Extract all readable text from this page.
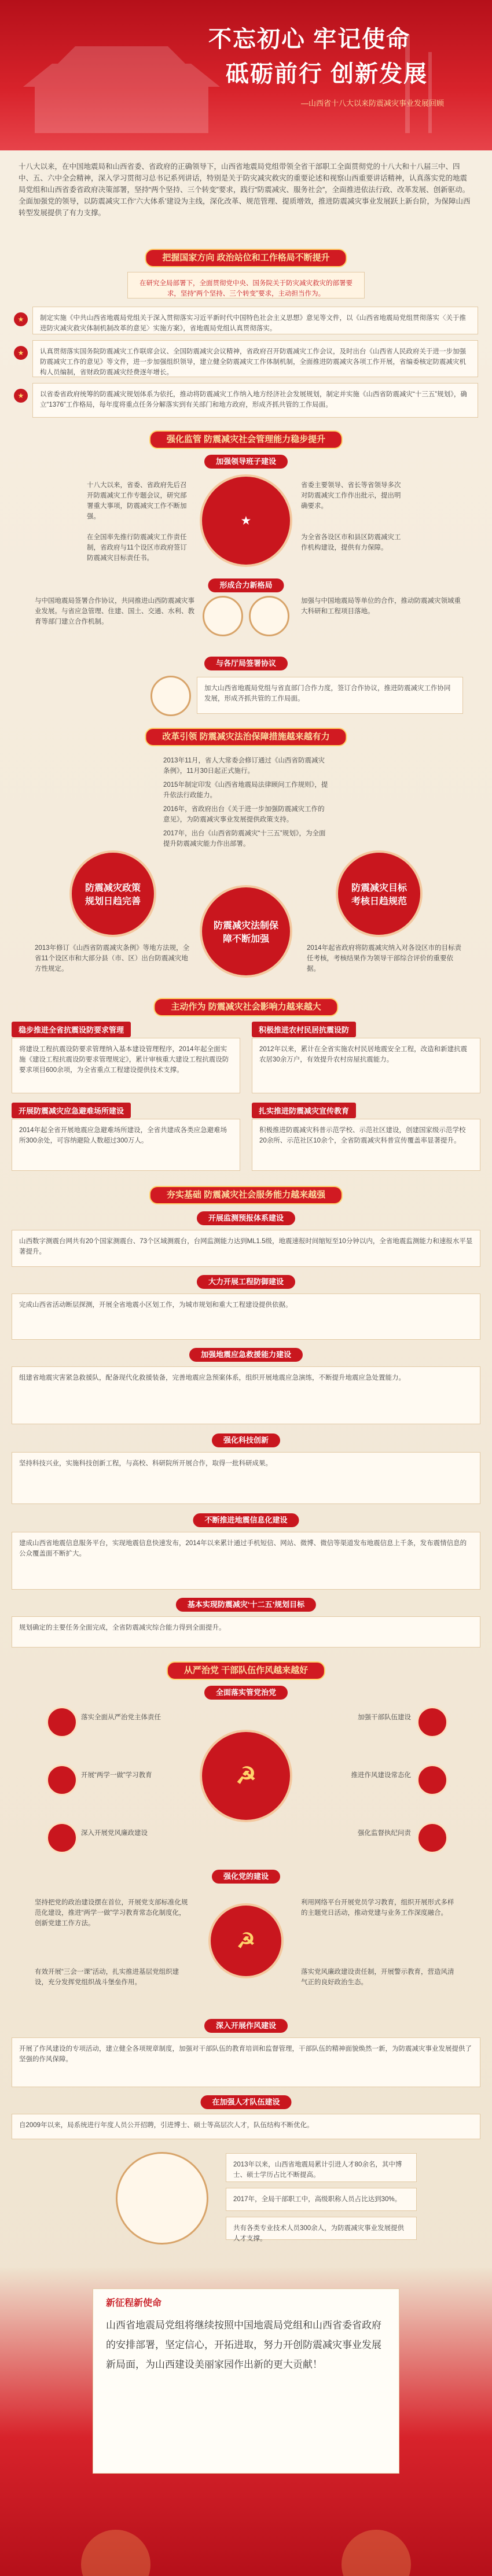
不忘初心 牢记使命
砥砺前行 创新发展
—山西省十八大以来防震减灾事业发展回顾
十八大以来，在中国地震局和山西省委、省政府的正确领导下，山西省地震局党组带领全省干部职工全面贯彻党的十八大和十八届三中、四中、五、六中全会精神，深入学习贯彻习总书记系列讲话，特别是关于防灾减灾救灾的重要论述和视察山西重要讲话精神，认真落实党的地震局党组和山西省委省政府决策部署，坚持“两个坚持、三个转变”要求，践行“防震减灾、服务社会”，全面推进依法行政、改革发展、创新驱动。全面加强党的领导，以防震减灾工作‘六大体系’建设为主线，深化改革、规范管理、提质增效，推进防震减灾事业发展跃上新台阶，为保障山西转型发展提供了有力支撑。
把握国家方向 政治站位和工作格局不断提升
在研究全局部署下，全面贯彻党中央、国务院关于防灾减灾救灾的部署要求，坚持“两个坚持、三个转变”要求，主动担当作为。
★	制定实施《中共山西省地震局党组关于深入贯彻落实习近平新时代中国特色社会主义思想》意见等文件，以《山西省地震局党组贯彻落实〈关于推进防灾减灾救灾体制机制改革的意见〉实施方案》，省地震局党组认真贯彻落实。
★	认真贯彻落实国务院防震减灾工作联席会议、全国防震减灾会议精神，省政府召开防震减灾工作会议，及时出台《山西省人民政府关于进一步加强防震减灾工作的意见》等文件，进一步加强组织领导，建立健全防震减灾工作体制机制，全面推进防震减灾各项工作开展，省编委核定防震减灾机构人员编制，省财政防震减灾经费逐年增长。
★	以省委省政府统筹的防震减灾规划体系为依托，推动将防震减灾工作纳入地方经济社会发展规划，制定并实施《山西省防震减灾“十三五”规划》，确立“1376”工作格局，每年度将重点任务分解落实到有关部门和地方政府，形成齐抓共管的工作局面。
强化监管 防震减灾社会管理能力稳步提升
加强领导班子建设
★
十八大以来，省委、省政府先后召开防震减灾工作专题会议，研究部署重大事项，防震减灾工作不断加强。
省委主要领导、省长等省领导多次对防震减灾工作作出批示，提出明确要求。
在全国率先推行防震减灾工作责任制，省政府与11个设区市政府签订防震减灾目标责任书。
为全省各设区市和县区防震减灾工作机构建设，提供有力保障。
形成合力新格局
与中国地震局签署合作协议，共同推进山西防震减灾事业发展。与省应急管理、住建、国土、交通、水利、教育等部门建立合作机制。
加强与中国地震局等单位的合作，推动防震减灾领域重大科研和工程项目落地。
与各厅局签署协议
加大山西省地震局党组与省直部门合作力度，签订合作协议，推进防震减灾工作协同发展，形成齐抓共管的工作局面。
改革引领 防震减灾法治保障措施越来越有力
2013年11月，省人大常委会修订通过《山西省防震减灾条例》，11月30日起正式施行。
2015年制定印发《山西省地震局法律顾问工作规则》，提升依法行政能力。
2016年，省政府出台《关于进一步加强防震减灾工作的意见》，为防震减灾事业发展提供政策支持。
2017年，出台《山西省防震减灾“十三五”规划》，为全面提升防震减灾能力作出部署。
防震减灾政策规划日趋完善
防震减灾法制保障不断加强
防震减灾目标考核日趋规范
2013年修订《山西省防震减灾条例》等地方法规，全省11个设区市和大部分县（市、区）出台防震减灾地方性规定。
2014年起省政府将防震减灾纳入对各设区市的目标责任考核，考核结果作为领导干部综合评价的重要依据。
主动作为 防震减灾社会影响力越来越大
稳步推进全省抗震设防要求管理
将建设工程抗震设防要求管理纳入基本建设管理程序，2014年起全面实施《建设工程抗震设防要求管理规定》，累计审核重大建设工程抗震设防要求项目600余项，为全省重点工程建设提供技术支撑。
积极推进农村民居抗震设防
2012年以来，累计在全省实施农村民居地震安全工程，改造和新建抗震农居30余万户，有效提升农村房屋抗震能力。
开展防震减灾应急避难场所建设
2014年起全省开展地震应急避难场所建设，全省共建成各类应急避难场所300余处，可容纳避险人数超过300万人。
扎实推进防震减灾宣传教育
积极推进防震减灾科普示范学校、示范社区建设，创建国家级示范学校20余所、示范社区10余个，全省防震减灾科普宣传覆盖率显著提升。
夯实基础 防震减灾社会服务能力越来越强
开展监测预报体系建设
山西数字测震台网共有20个国家测震台、73个区域测震台，台网监测能力达到ML1.5级，地震速报时间缩短至10分钟以内，全省地震监测能力和速报水平显著提升。
大力开展工程防御建设
完成山西省活动断层探测，开展全省地震小区划工作，为城市规划和重大工程建设提供依据。
加强地震应急救援能力建设
组建省地震灾害紧急救援队，配备现代化救援装备，完善地震应急预案体系，组织开展地震应急演练，不断提升地震应急处置能力。
强化科技创新
坚持科技兴业，实施科技创新工程，与高校、科研院所开展合作，取得一批科研成果。
不断推进地震信息化建设
建成山西省地震信息服务平台，实现地震信息快速发布，2014年以来累计通过手机短信、网站、微博、微信等渠道发布地震信息上千条，发布震情信息的公众覆盖面不断扩大。
基本实现防震减灾‘十二五’规划目标
规划确定的主要任务全面完成，全省防震减灾综合能力得到全面提升。
从严治党 干部队伍作风越来越好
全面落实管党治党
☭
落实全面从严治党主体责任
开展“两学一做”学习教育
深入开展党风廉政建设
加强干部队伍建设
推进作风建设常态化
强化监督执纪问责
强化党的建设
☭
坚持把党的政治建设摆在首位，开展党支部标准化规范化建设，推进“两学一做”学习教育常态化制度化，创新党建工作方法。
利用网络平台开展党员学习教育，组织开展形式多样的主题党日活动，推动党建与业务工作深度融合。
有效开展“三会一课”活动，扎实推进基层党组织建设，充分发挥党组织战斗堡垒作用。
落实党风廉政建设责任制，开展警示教育，营造风清气正的良好政治生态。
深入开展作风建设
开展了作风建设的专项活动，建立健全各项规章制度，加强对干部队伍的教育培训和监督管理，干部队伍的精神面貌焕然一新，为防震减灾事业发展提供了坚强的作风保障。
在加强人才队伍建设
自2009年以来，局系统进行年度人员公开招聘，引进博士、硕士等高层次人才，队伍结构不断优化。
2013年以来，山西省地震局累计引进人才80余名，其中博士、硕士学历占比不断提高。
2017年，全局干部职工中，高级职称人员占比达到30%。
共有各类专业技术人员300余人，为防震减灾事业发展提供人才支撑。
新征程新使命
山西省地震局党组将继续按照中国地震局党组和山西省委省政府的安排部署，坚定信心，开拓进取，努力开创防震减灾事业发展新局面，为山西建设美丽家园作出新的更大贡献！
